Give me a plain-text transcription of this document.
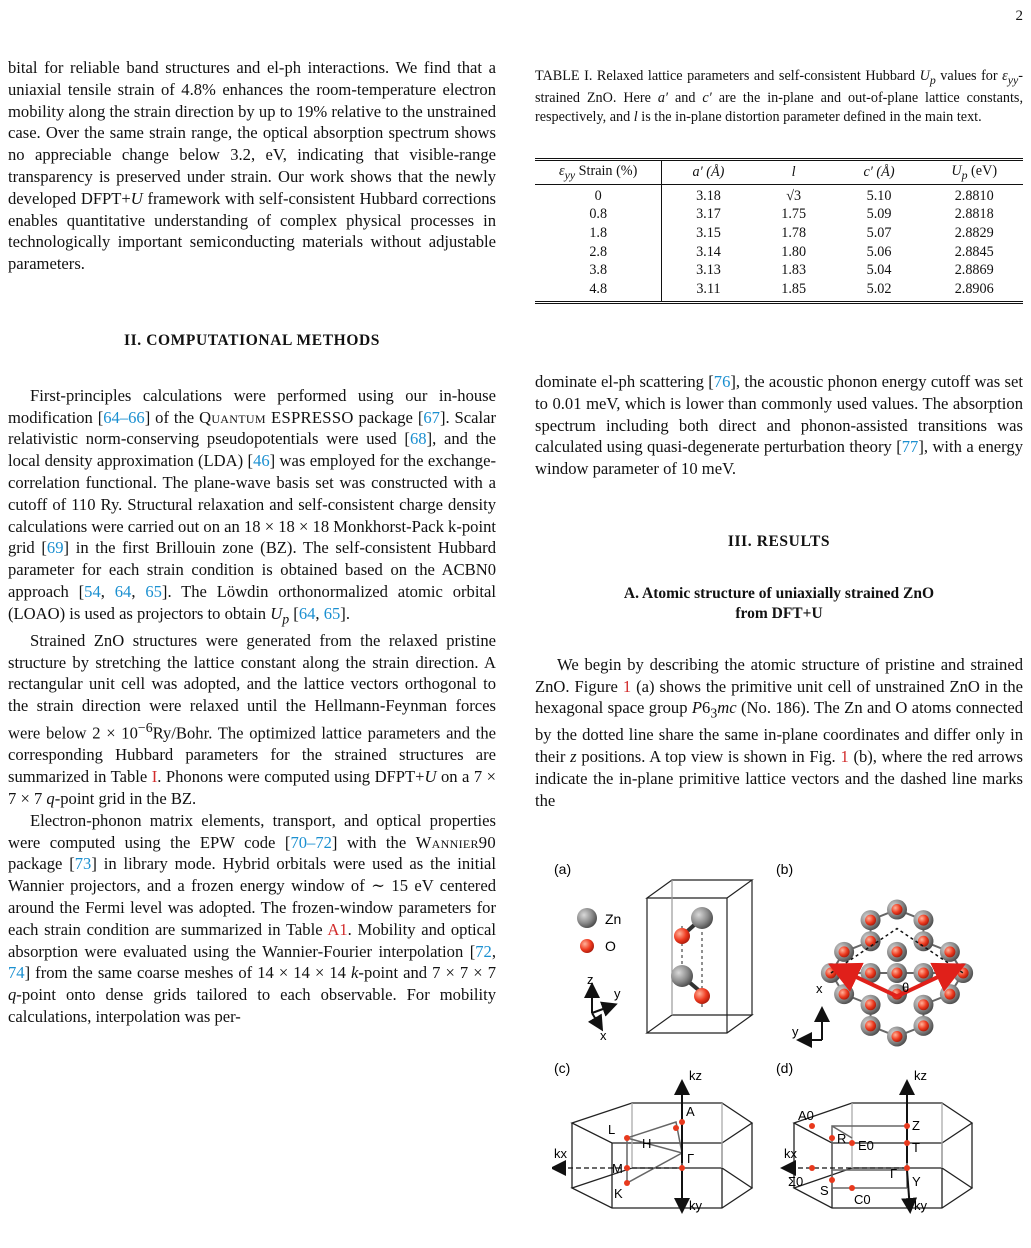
2

bital for reliable band structures and el-ph interactions. We find that a uniaxial tensile strain of 4.8% enhances the room-temperature electron mobility along the strain direction by up to 19% relative to the unstrained case. Over the same strain range, the optical absorption spectrum shows no appreciable change below 3.2, eV, indicating that visible-range transparency is preserved under strain. Our work shows that the newly developed DFPT+U framework with self-consistent Hubbard corrections enables quantitative understanding of complex physical processes in technologically important semiconducting materials without adjustable parameters.

II. COMPUTATIONAL METHODS

First-principles calculations were performed using our in-house modification [64–66] of the Quantum ESPRESSO package [67]. Scalar relativistic norm-conserving pseudopotentials were used [68], and the local density approximation (LDA) [46] was employed for the exchange-correlation functional. The plane-wave basis set was constructed with a cutoff of 110 Ry. Structural relaxation and self-consistent charge density calculations were carried out on an 18 × 18 × 18 Monkhorst-Pack k-point grid [69] in the first Brillouin zone (BZ). The self-consistent Hubbard parameter for each strain condition is obtained based on the ACBN0 approach [54, 64, 65]. The Löwdin orthonormalized atomic orbital (LOAO) is used as projectors to obtain $U_p$ [64, 65].

Strained ZnO structures were generated from the relaxed pristine structure by stretching the lattice constant along the strain direction. A rectangular unit cell was adopted, and the lattice vectors orthogonal to the strain direction were relaxed until the Hellmann-Feynman forces were below $2 \times 10^{-6}Ry$/Bohr. The optimized lattice parameters and the corresponding Hubbard parameters for the strained structures are summarized in Table I. Phonons were computed using DFPT+U on a 7 × 7 × 7 q-point grid in the BZ.

Electron-phonon matrix elements, transport, and optical properties were computed using the EPW code [70–72] with the Wannier90 package [73] in library mode. Hybrid orbitals were used as the initial Wannier projectors, and a frozen energy window of ∼ 15 eV centered around the Fermi level was adopted. The frozen-window parameters for each strain condition are summarized in Table A1. Mobility and optical absorption were evaluated using the Wannier-Fourier interpolation [72, 74] from the same coarse meshes of 14 × 14 × 14 k-point and 7 × 7 × 7 q-point onto dense grids tailored to each observable. For mobility calculations, interpolation was per-

TABLE I. Relaxed lattice parameters and self-consistent Hubbard $U_p$ values for $\varepsilon_{yy}$-strained ZnO. Here a′ and c′ are the in-plane and out-of-plane lattice constants, respectively, and l is the in-plane distortion parameter defined in the main text.
$\varepsilon_{yy}$ Strain (%)	a′ (Å)	l	c′ (Å)	$U_p$ (eV)
0	3.18	√3	5.10	2.8810
0.8	3.17	1.75	5.09	2.8818
1.8	3.15	1.78	5.07	2.8829
2.8	3.14	1.80	5.06	2.8845
3.8	3.13	1.83	5.04	2.8869
4.8	3.11	1.85	5.02	2.8906

dominate el-ph scattering [76], the acoustic phonon energy cutoff was set to 0.01 meV, which is lower than commonly used values. The absorption spectrum including both direct and phonon-assisted transitions was calculated using quasi-degenerate perturbation theory [77], with a energy window parameter of 10 meV.

III. RESULTS

A. Atomic structure of uniaxially strained ZnO
from DFT+U

We begin by describing the atomic structure of pristine and strained ZnO. Figure 1 (a) shows the primitive unit cell of unstrained ZnO in the hexagonal space group $P6_3mc$ (No. 186). The Zn and O atoms connected by the dotted line share the same in-plane coordinates and differ only in their z positions. A top view is shown in Fig. 1 (b), where the red arrows indicate the in-plane primitive lattice vectors and the dashed line marks the

(a)	(b)
(c)	(d)
Zn
O
z
y
x
x
y
θ
kz
kx
ky
A
L
H
M
K
Γ
kz
kx
ky
A0
Z
R E0	T
Γ
Σ0
S
C0
Y
